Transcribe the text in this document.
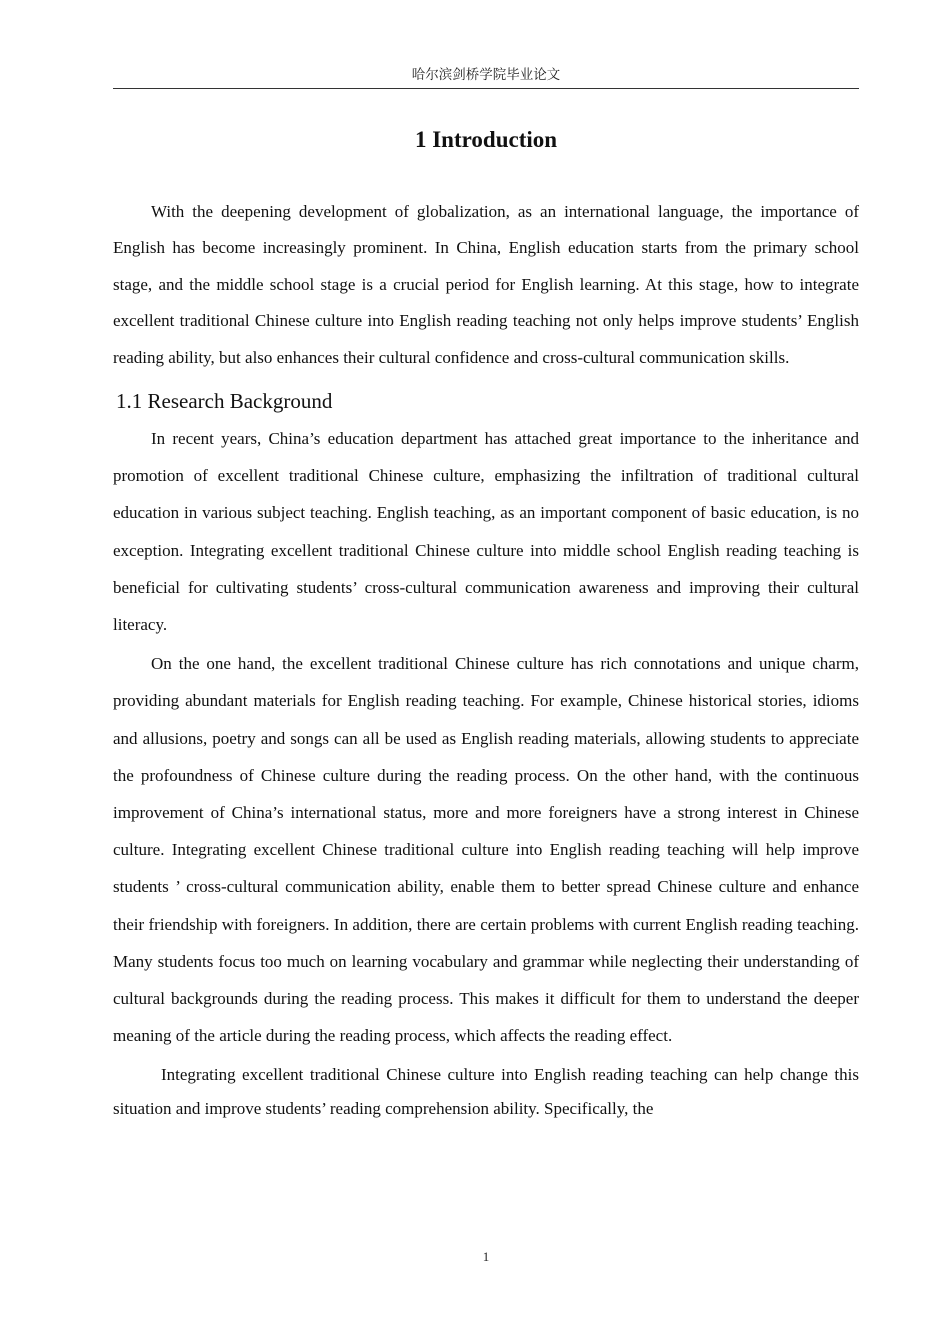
哈尔滨剑桥学院毕业论文
1 Introduction

With the deepening development of globalization, as an international language, the importance of English has become increasingly prominent. In China, English education starts from the primary school stage, and the middle school stage is a crucial period for English learning. At this stage, how to integrate excellent traditional Chinese culture into English reading teaching not only helps improve students’ English reading ability, but also enhances their cultural confidence and cross-cultural communication skills.

1.1 Research Background

In recent years, China’s education department has attached great importance to the inheritance and promotion of excellent traditional Chinese culture, emphasizing the infiltration of traditional cultural education in various subject teaching. English teaching, as an important component of basic education, is no exception. Integrating excellent traditional Chinese culture into middle school English reading teaching is beneficial for cultivating students’ cross-cultural communication awareness and improving their cultural literacy.

On the one hand, the excellent traditional Chinese culture has rich connotations and unique charm, providing abundant materials for English reading teaching. For example, Chinese historical stories, idioms and allusions, poetry and songs can all be used as English reading materials, allowing students to appreciate the profoundness of Chinese culture during the reading process. On the other hand, with the continuous improvement of China’s international status, more and more foreigners have a strong interest in Chinese culture. Integrating excellent Chinese traditional culture into English reading teaching will help improve students ’ cross-cultural communication ability, enable them to better spread Chinese culture and enhance their friendship with foreigners. In addition, there are certain problems with current English reading teaching. Many students focus too much on learning vocabulary and grammar while neglecting their understanding of cultural backgrounds during the reading process. This makes it difficult for them to understand the deeper meaning of the article during the reading process, which affects the reading effect.

Integrating excellent traditional Chinese culture into English reading teaching can help change this situation and improve students’ reading comprehension ability. Specifically, the

1
